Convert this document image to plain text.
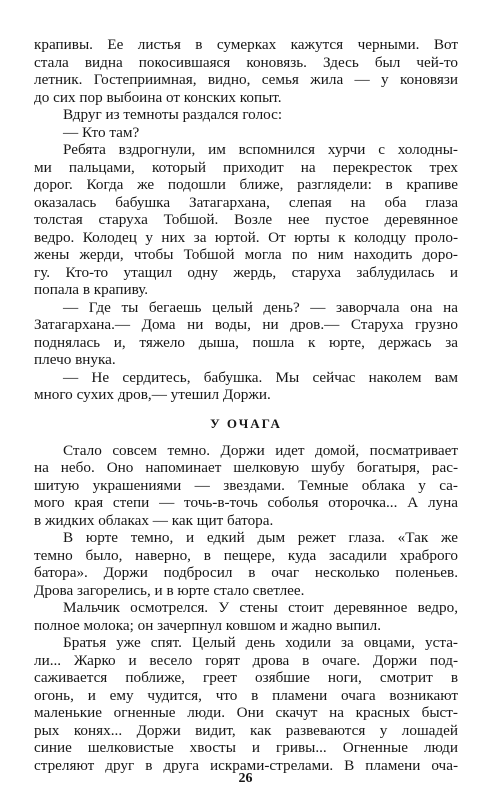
крапивы. Ее листья в сумерках кажутся черными. Вот
стала видна покосившаяся коновязь. Здесь был чей-то
летник. Гостеприимная, видно, семья жила — у коновязи
до сих пор выбоина от конских копыт.
Вдруг из темноты раздался голос:
— Кто там?
Ребята вздрогнули, им вспомнился хурчи с холодны-
ми пальцами, который приходит на перекресток трех
дорог. Когда же подошли ближе, разглядели: в крапиве
оказалась бабушка Затагархана, слепая на оба глаза
толстая старуха Тобшой. Возле нее пустое деревянное
ведро. Колодец у них за юртой. От юрты к колодцу проло-
жены жерди, чтобы Тобшой могла по ним находить доро-
гу. Кто-то утащил одну жердь, старуха заблудилась и
попала в крапиву.
— Где ты бегаешь целый день? — заворчала она на
Затагархана.— Дома ни воды, ни дров.— Старуха грузно
поднялась и, тяжело дыша, пошла к юрте, держась за
плечо внука.
— Не сердитесь, бабушка. Мы сейчас наколем вам
много сухих дров,— утешил Доржи.
У ОЧАГА
Стало совсем темно. Доржи идет домой, посматривает
на небо. Оно напоминает шелковую шубу богатыря, рас-
шитую украшениями — звездами. Темные облака у са-
мого края степи — точь-в-точь соболья оторочка... А луна
в жидких облаках — как щит батора.
В юрте темно, и едкий дым режет глаза. «Так же
темно было, наверно, в пещере, куда засадили храброго
батора». Доржи подбросил в очаг несколько поленьев.
Дрова загорелись, и в юрте стало светлее.
Мальчик осмотрелся. У стены стоит деревянное ведро,
полное молока; он зачерпнул ковшом и жадно выпил.
Братья уже спят. Целый день ходили за овцами, уста-
ли... Жарко и весело горят дрова в очаге. Доржи под-
саживается поближе, греет озябшие ноги, смотрит в
огонь, и ему чудится, что в пламени очага возникают
маленькие огненные люди. Они скачут на красных быст-
рых конях... Доржи видит, как развеваются у лошадей
синие шелковистые хвосты и гривы... Огненные люди
стреляют друг в друга искрами-стрелами. В пламени оча-
26
